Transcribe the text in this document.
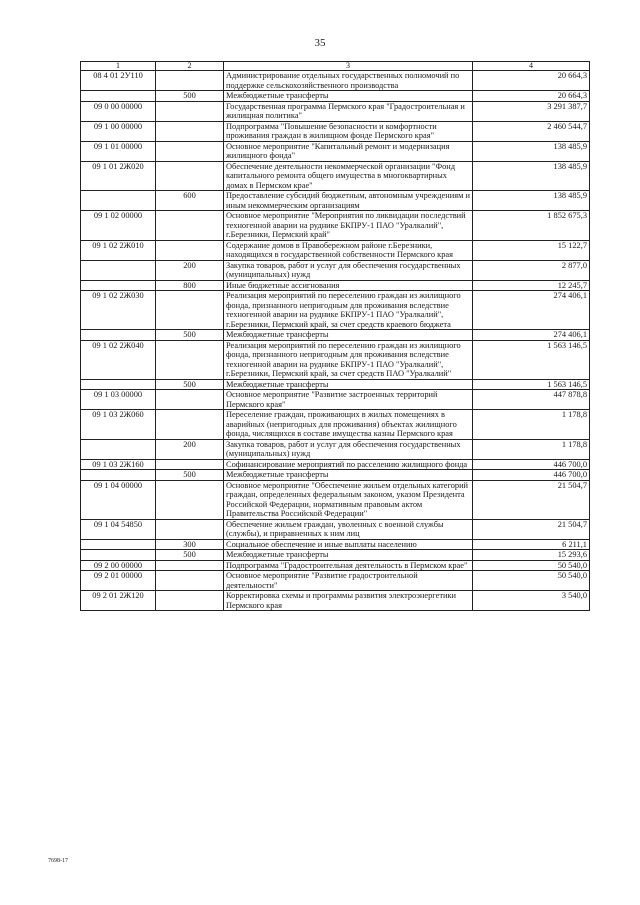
35
1	2	3	4
08 4 01 2У110		Администрирование отдельных государственных полномочий по поддержке сельскохозяйственного производства	20 664,3
	500	Межбюджетные трансферты	20 664,3
09 0 00 00000		Государственная программа Пермского края "Градостроительная и жилищная политика"	3 291 387,7
09 1 00 00000		Подпрограмма "Повышение безопасности и комфортности проживания граждан в жилищном фонде Пермского края"	2 460 544,7
09 1 01 00000		Основное мероприятие "Капитальный ремонт и модернизация жилищного фонда"	138 485,9
09 1 01 2Ж020		Обеспечение деятельности некоммерческой организации "Фонд капитального ремонта общего имущества в многоквартирных домах в Пермском крае"	138 485,9
	600	Предоставление субсидий бюджетным, автономным учреждениям и иным некоммерческим организациям	138 485,9
09 1 02 00000		Основное мероприятие "Мероприятия по ликвидации последствий техногенной аварии на руднике БКПРУ-1 ПАО "Уралкалий", г.Березники, Пермский край"	1 852 675,3
09 1 02 2Ж010		Содержание домов в Правобережном районе г.Березники, находящихся в государственной собственности Пермского края	15 122,7
	200	Закупка товаров, работ и услуг для обеспечения государственных (муниципальных) нужд	2 877,0
	800	Иные бюджетные ассигнования	12 245,7
09 1 02 2Ж030		Реализация мероприятий по переселению граждан из жилищного фонда, признанного непригодным для проживания вследствие техногенной аварии на руднике БКПРУ-1 ПАО "Уралкалий", г.Березники, Пермский край, за счет средств краевого бюджета	274 406,1
	500	Межбюджетные трансферты	274 406,1
09 1 02 2Ж040		Реализация мероприятий по переселению граждан из жилищного фонда, признанного непригодным для проживания вследствие техногенной аварии на руднике БКПРУ-1 ПАО "Уралкалий", г.Березники, Пермский край, за счет средств ПАО "Уралкалий"	1 563 146,5
	500	Межбюджетные трансферты	1 563 146,5
09 1 03 00000		Основное мероприятие "Развитие застроенных территорий Пермского края"	447 878,8
09 1 03 2Ж060		Переселение граждан, проживающих в жилых помещениях в аварийных (непригодных для проживания) объектах жилищного фонда, числящихся в составе имущества казны Пермского края	1 178,8
	200	Закупка товаров, работ и услуг для обеспечения государственных (муниципальных) нужд	1 178,8
09 1 03 2Ж160		Софинансирование мероприятий по расселению жилищного фонда	446 700,0
	500	Межбюджетные трансферты	446 700,0
09 1 04 00000		Основное мероприятие "Обеспечение жильем отдельных категорий граждан, определенных федеральным законом, указом Президента Российской Федерации, нормативным правовым актом Правительства Российской Федерации"	21 504,7
09 1 04 54850		Обеспечение жильем граждан, уволенных с военной службы (службы), и приравненных к ним лиц	21 504,7
	300	Социальное обеспечение и иные выплаты населению	6 211,1
	500	Межбюджетные трансферты	15 293,6
09 2 00 00000		Подпрограмма "Градостроительная деятельность в Пермском крае"	50 540,0
09 2 01 00000		Основное мероприятие "Развитие градостроительной деятельности"	50 540,0
09 2 01 2Ж120		Корректировка схемы и программы развития электроэнергетики Пермского края	3 540,0
7698-17
